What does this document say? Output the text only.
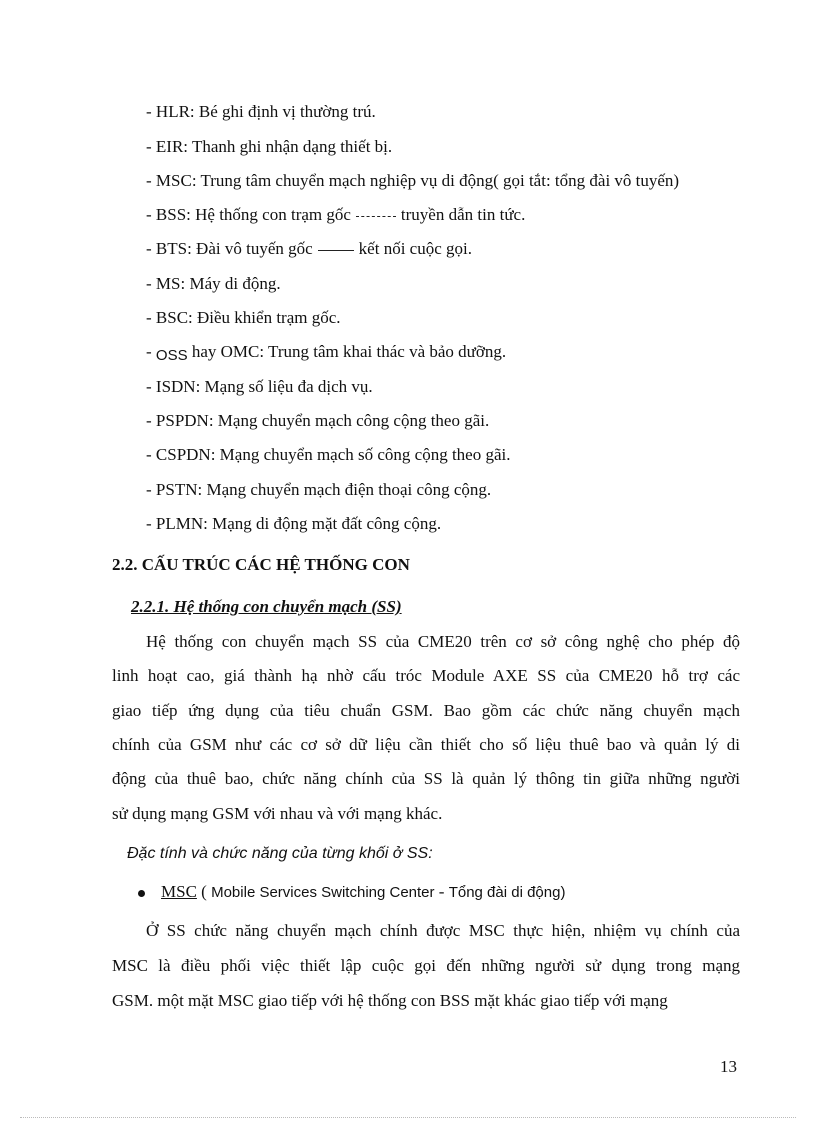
- HLR: Bé ghi định vị thường trú.
- EIR: Thanh ghi nhận dạng thiết bị.
- MSC: Trung tâm chuyển mạch nghiệp vụ di động( gọi tắt: tổng đài vô tuyến)
- BSS: Hệ thống con trạm gốc	truyền dẫn tin tức.
- BTS: Đài vô tuyến gốc	kết nối cuộc gọi.
- MS: Máy di động.
- BSC: Điều khiển trạm gốc.
- OSS hay OMC: Trung tâm khai thác và bảo dưỡng.
- ISDN: Mạng số liệu đa dịch vụ.
- PSPDN: Mạng chuyển mạch công cộng theo gãi.
- CSPDN: Mạng chuyển mạch số công cộng theo gãi.
- PSTN: Mạng chuyển mạch điện thoại công cộng.
- PLMN: Mạng di động mặt đất công cộng.
2.2. CẤU TRÚC CÁC HỆ THỐNG CON
2.2.1. Hệ thống con chuyển mạch (SS)
Hệ thống con chuyển mạch SS của CME20 trên cơ sở công nghệ cho phép độ
linh hoạt cao, giá thành hạ nhờ cấu tróc Module AXE SS của CME20 hỗ trợ các
giao tiếp ứng dụng của tiêu chuẩn GSM. Bao gồm các chức năng chuyển mạch
chính của GSM như các cơ sở dữ liệu cần thiết cho số liệu thuê bao và quản lý di
động của thuê bao, chức năng chính của SS là quản lý thông tin giữa những người
sử dụng mạng GSM với nhau và với mạng khác.
Đặc tính và chức năng của từng khối ở SS:
MSC ( Mobile Services Switching Center - Tổng đài di động)
Ở SS chức năng chuyển mạch chính được MSC thực hiện, nhiệm vụ chính của
MSC là điều phối việc thiết lập cuộc gọi đến những người sử dụng trong mạng
GSM. một mặt MSC giao tiếp với hệ thống con BSS mặt khác giao tiếp với mạng
13
